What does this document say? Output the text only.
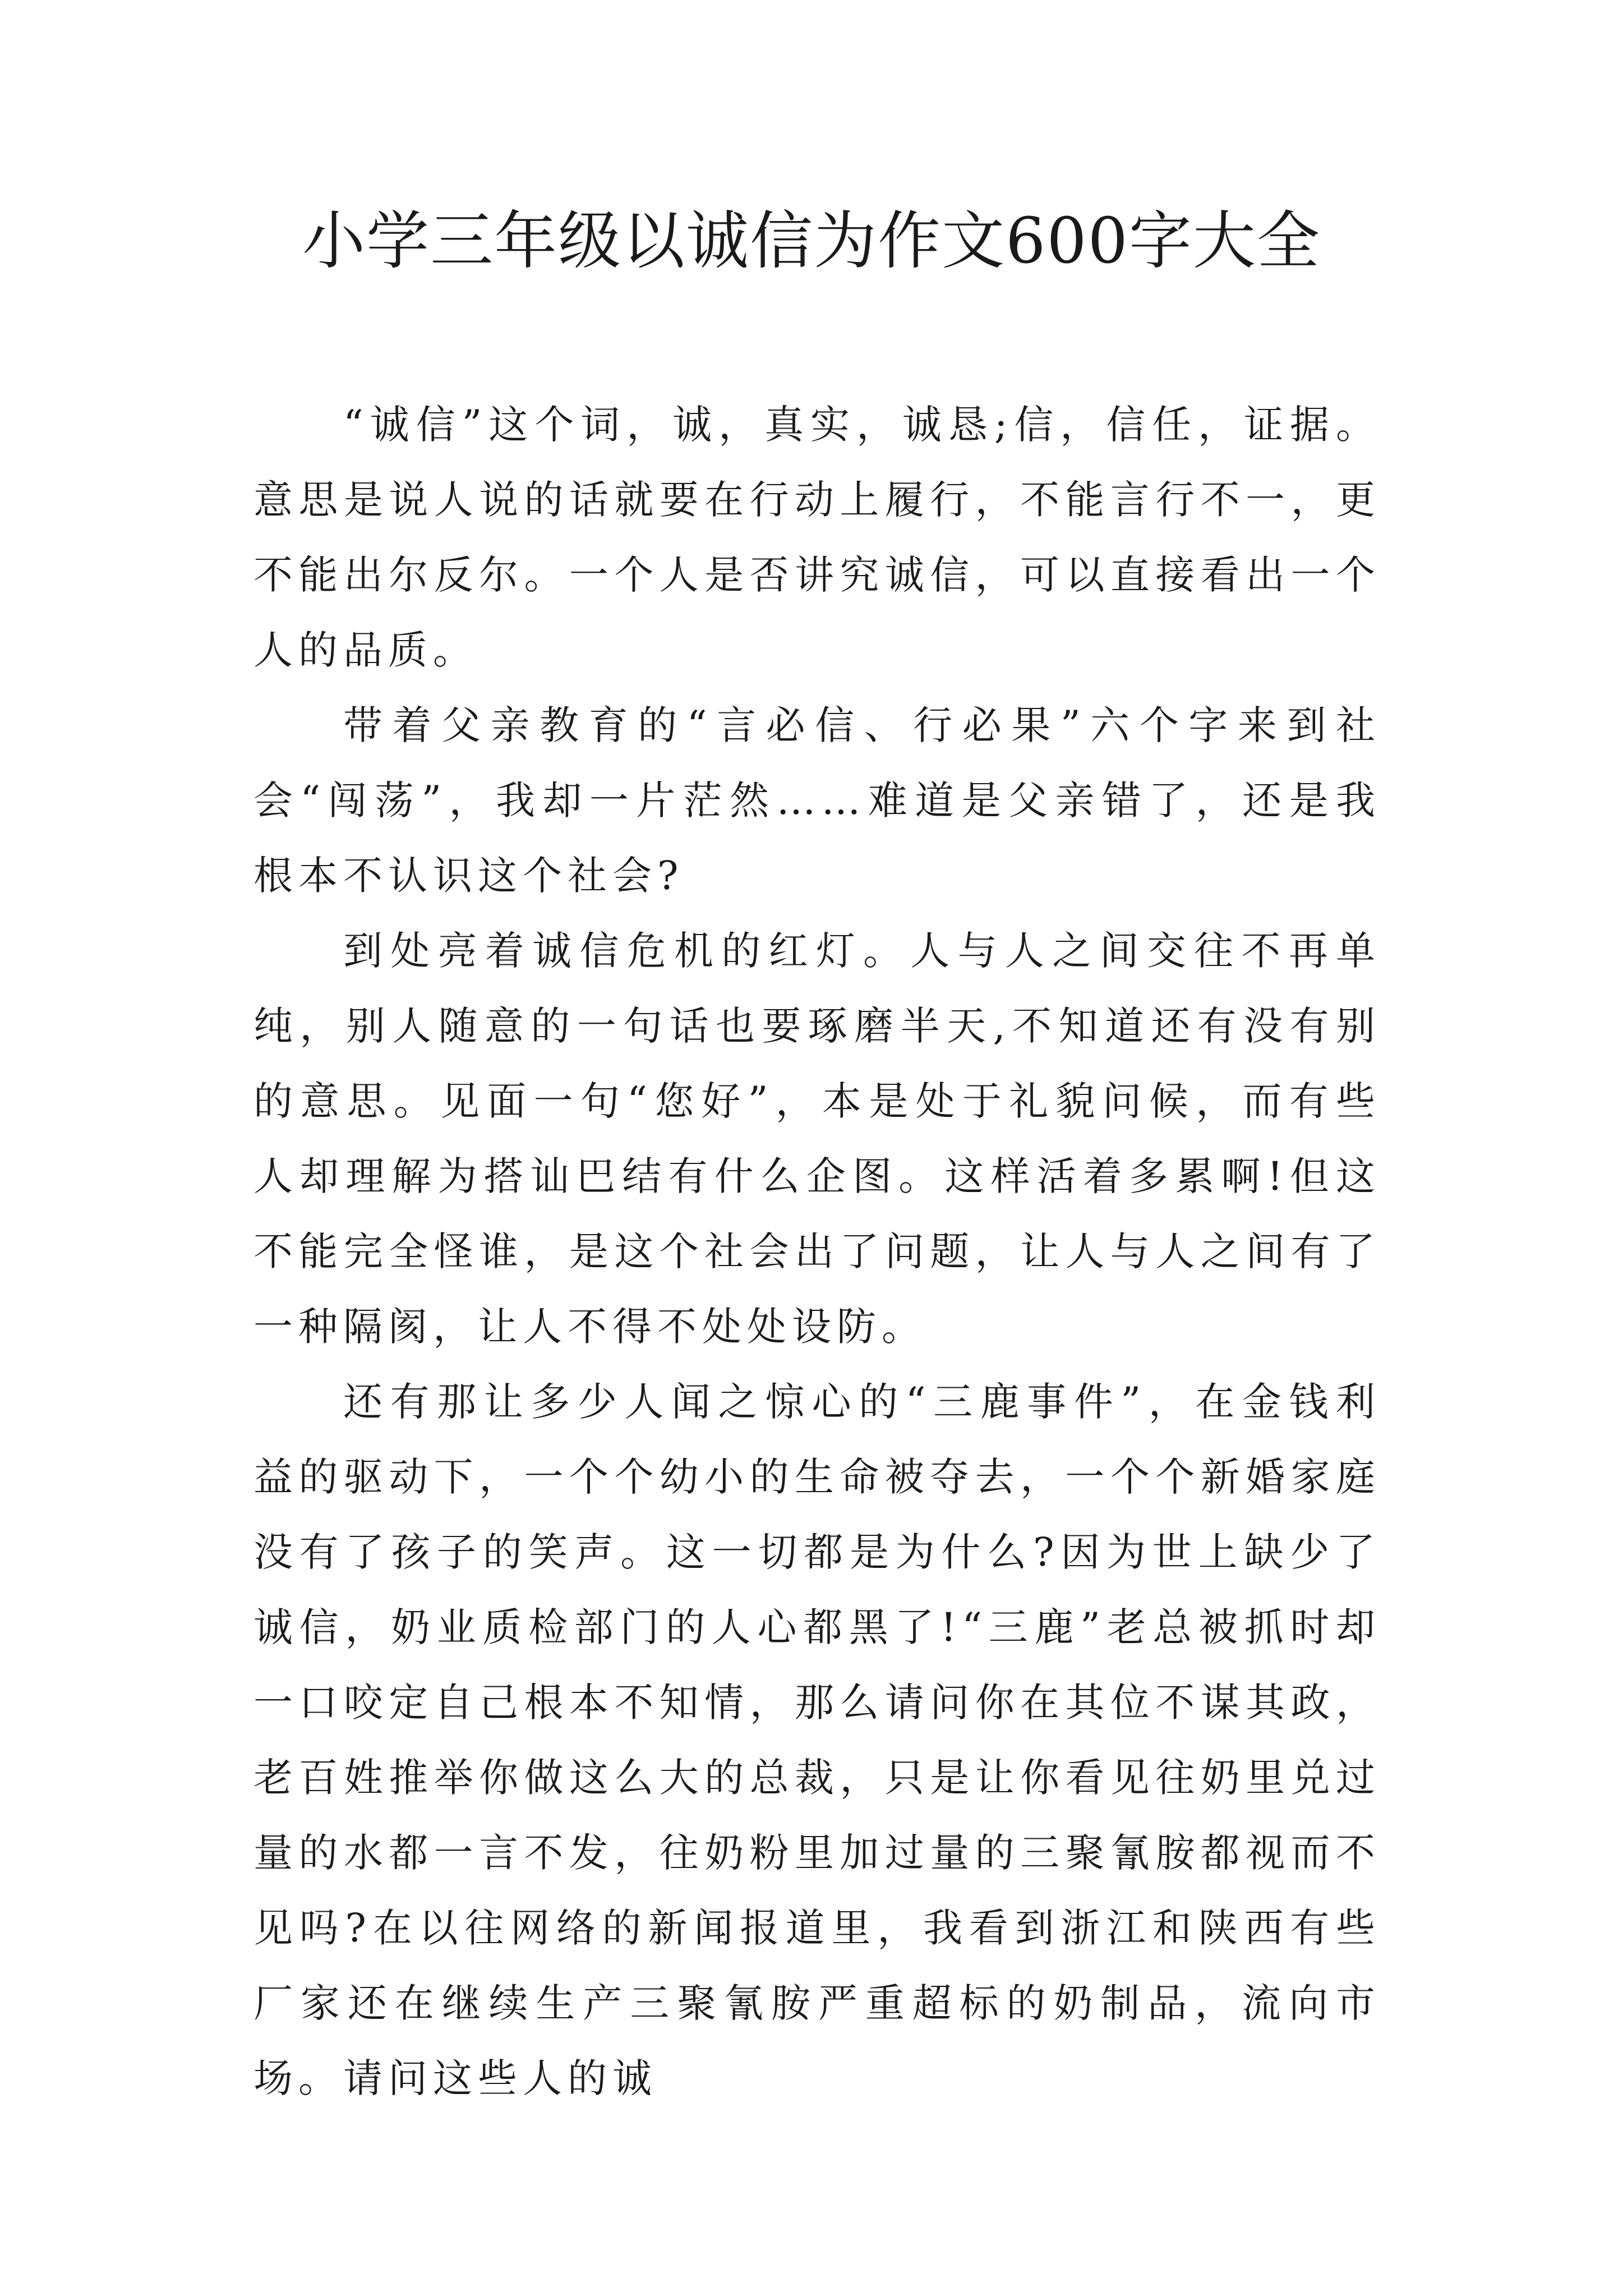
小学三年级以诚信为作文600字大全

“诚信”这个词，诚，真实，诚恳;信，信任，证据。意思是说人说的话就要在行动上履行，不能言行不一，更不能出尔反尔。一个人是否讲究诚信，可以直接看出一个人的品质。

带着父亲教育的“言必信、行必果”六个字来到社会“闯荡”，我却一片茫然……难道是父亲错了，还是我根本不认识这个社会?

到处亮着诚信危机的红灯。人与人之间交往不再单纯，别人随意的一句话也要琢磨半天,不知道还有没有别的意思。见面一句“您好”，本是处于礼貌问候，而有些人却理解为搭讪巴结有什么企图。这样活着多累啊!但这不能完全怪谁，是这个社会出了问题，让人与人之间有了一种隔阂，让人不得不处处设防。

还有那让多少人闻之惊心的“三鹿事件”，在金钱利益的驱动下，一个个幼小的生命被夺去，一个个新婚家庭没有了孩子的笑声。这一切都是为什么?因为世上缺少了诚信，奶业质检部门的人心都黑了!“三鹿”老总被抓时却一口咬定自己根本不知情，那么请问你在其位不谋其政，老百姓推举你做这么大的总裁，只是让你看见往奶里兑过量的水都一言不发，往奶粉里加过量的三聚氰胺都视而不见吗?在以往网络的新闻报道里，我看到浙江和陕西有些厂家还在继续生产三聚氰胺严重超标的奶制品，流向市场。请问这些人的诚
